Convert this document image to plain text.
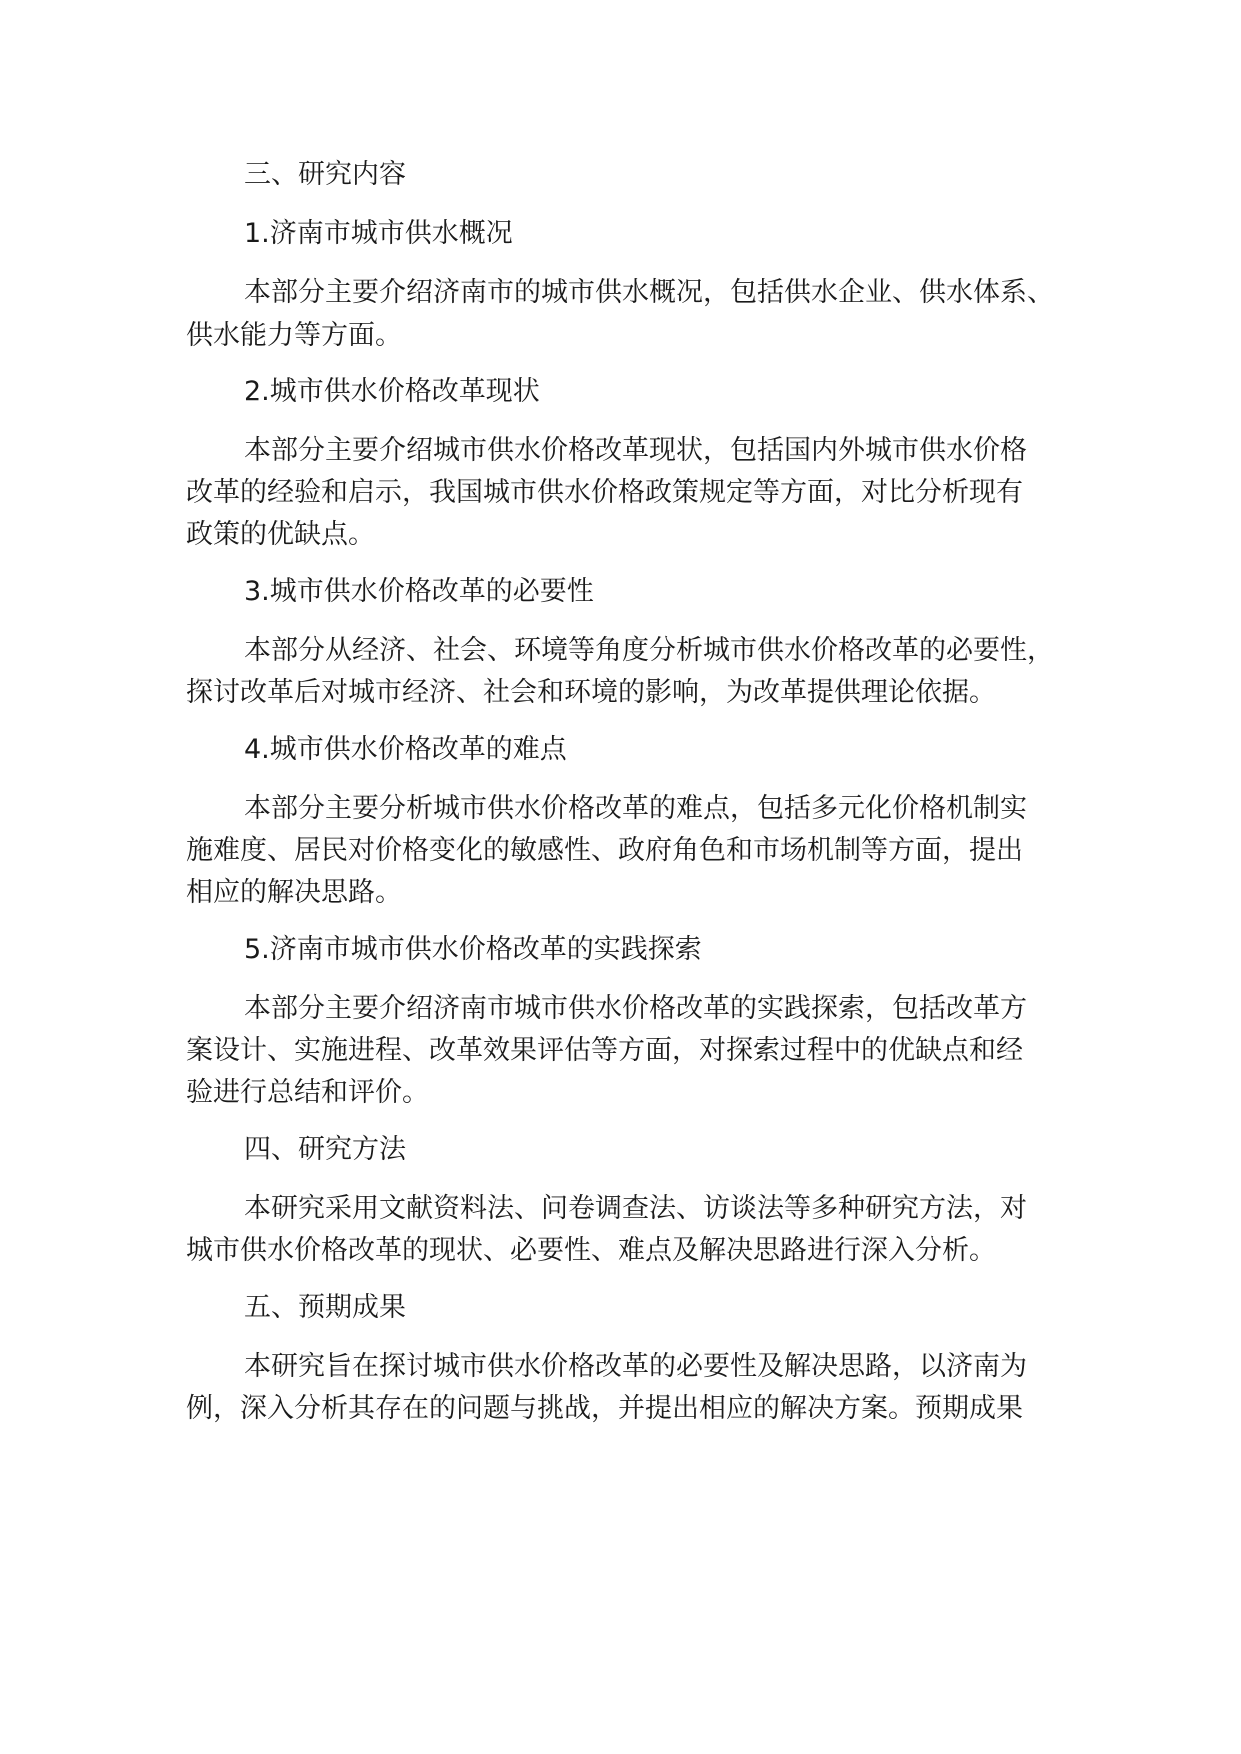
三、研究内容

1.济南市城市供水概况

本部分主要介绍济南市的城市供水概况，包括供水企业、供水体系、

供水能力等方面。

2.城市供水价格改革现状

本部分主要介绍城市供水价格改革现状，包括国内外城市供水价格

改革的经验和启示，我国城市供水价格政策规定等方面，对比分析现有

政策的优缺点。

3.城市供水价格改革的必要性

本部分从经济、社会、环境等角度分析城市供水价格改革的必要性，

探讨改革后对城市经济、社会和环境的影响，为改革提供理论依据。

4.城市供水价格改革的难点

本部分主要分析城市供水价格改革的难点，包括多元化价格机制实

施难度、居民对价格变化的敏感性、政府角色和市场机制等方面，提出

相应的解决思路。

5.济南市城市供水价格改革的实践探索

本部分主要介绍济南市城市供水价格改革的实践探索，包括改革方

案设计、实施进程、改革效果评估等方面，对探索过程中的优缺点和经

验进行总结和评价。

四、研究方法

本研究采用文献资料法、问卷调查法、访谈法等多种研究方法，对

城市供水价格改革的现状、必要性、难点及解决思路进行深入分析。

五、预期成果

本研究旨在探讨城市供水价格改革的必要性及解决思路，以济南为

例，深入分析其存在的问题与挑战，并提出相应的解决方案。预期成果
